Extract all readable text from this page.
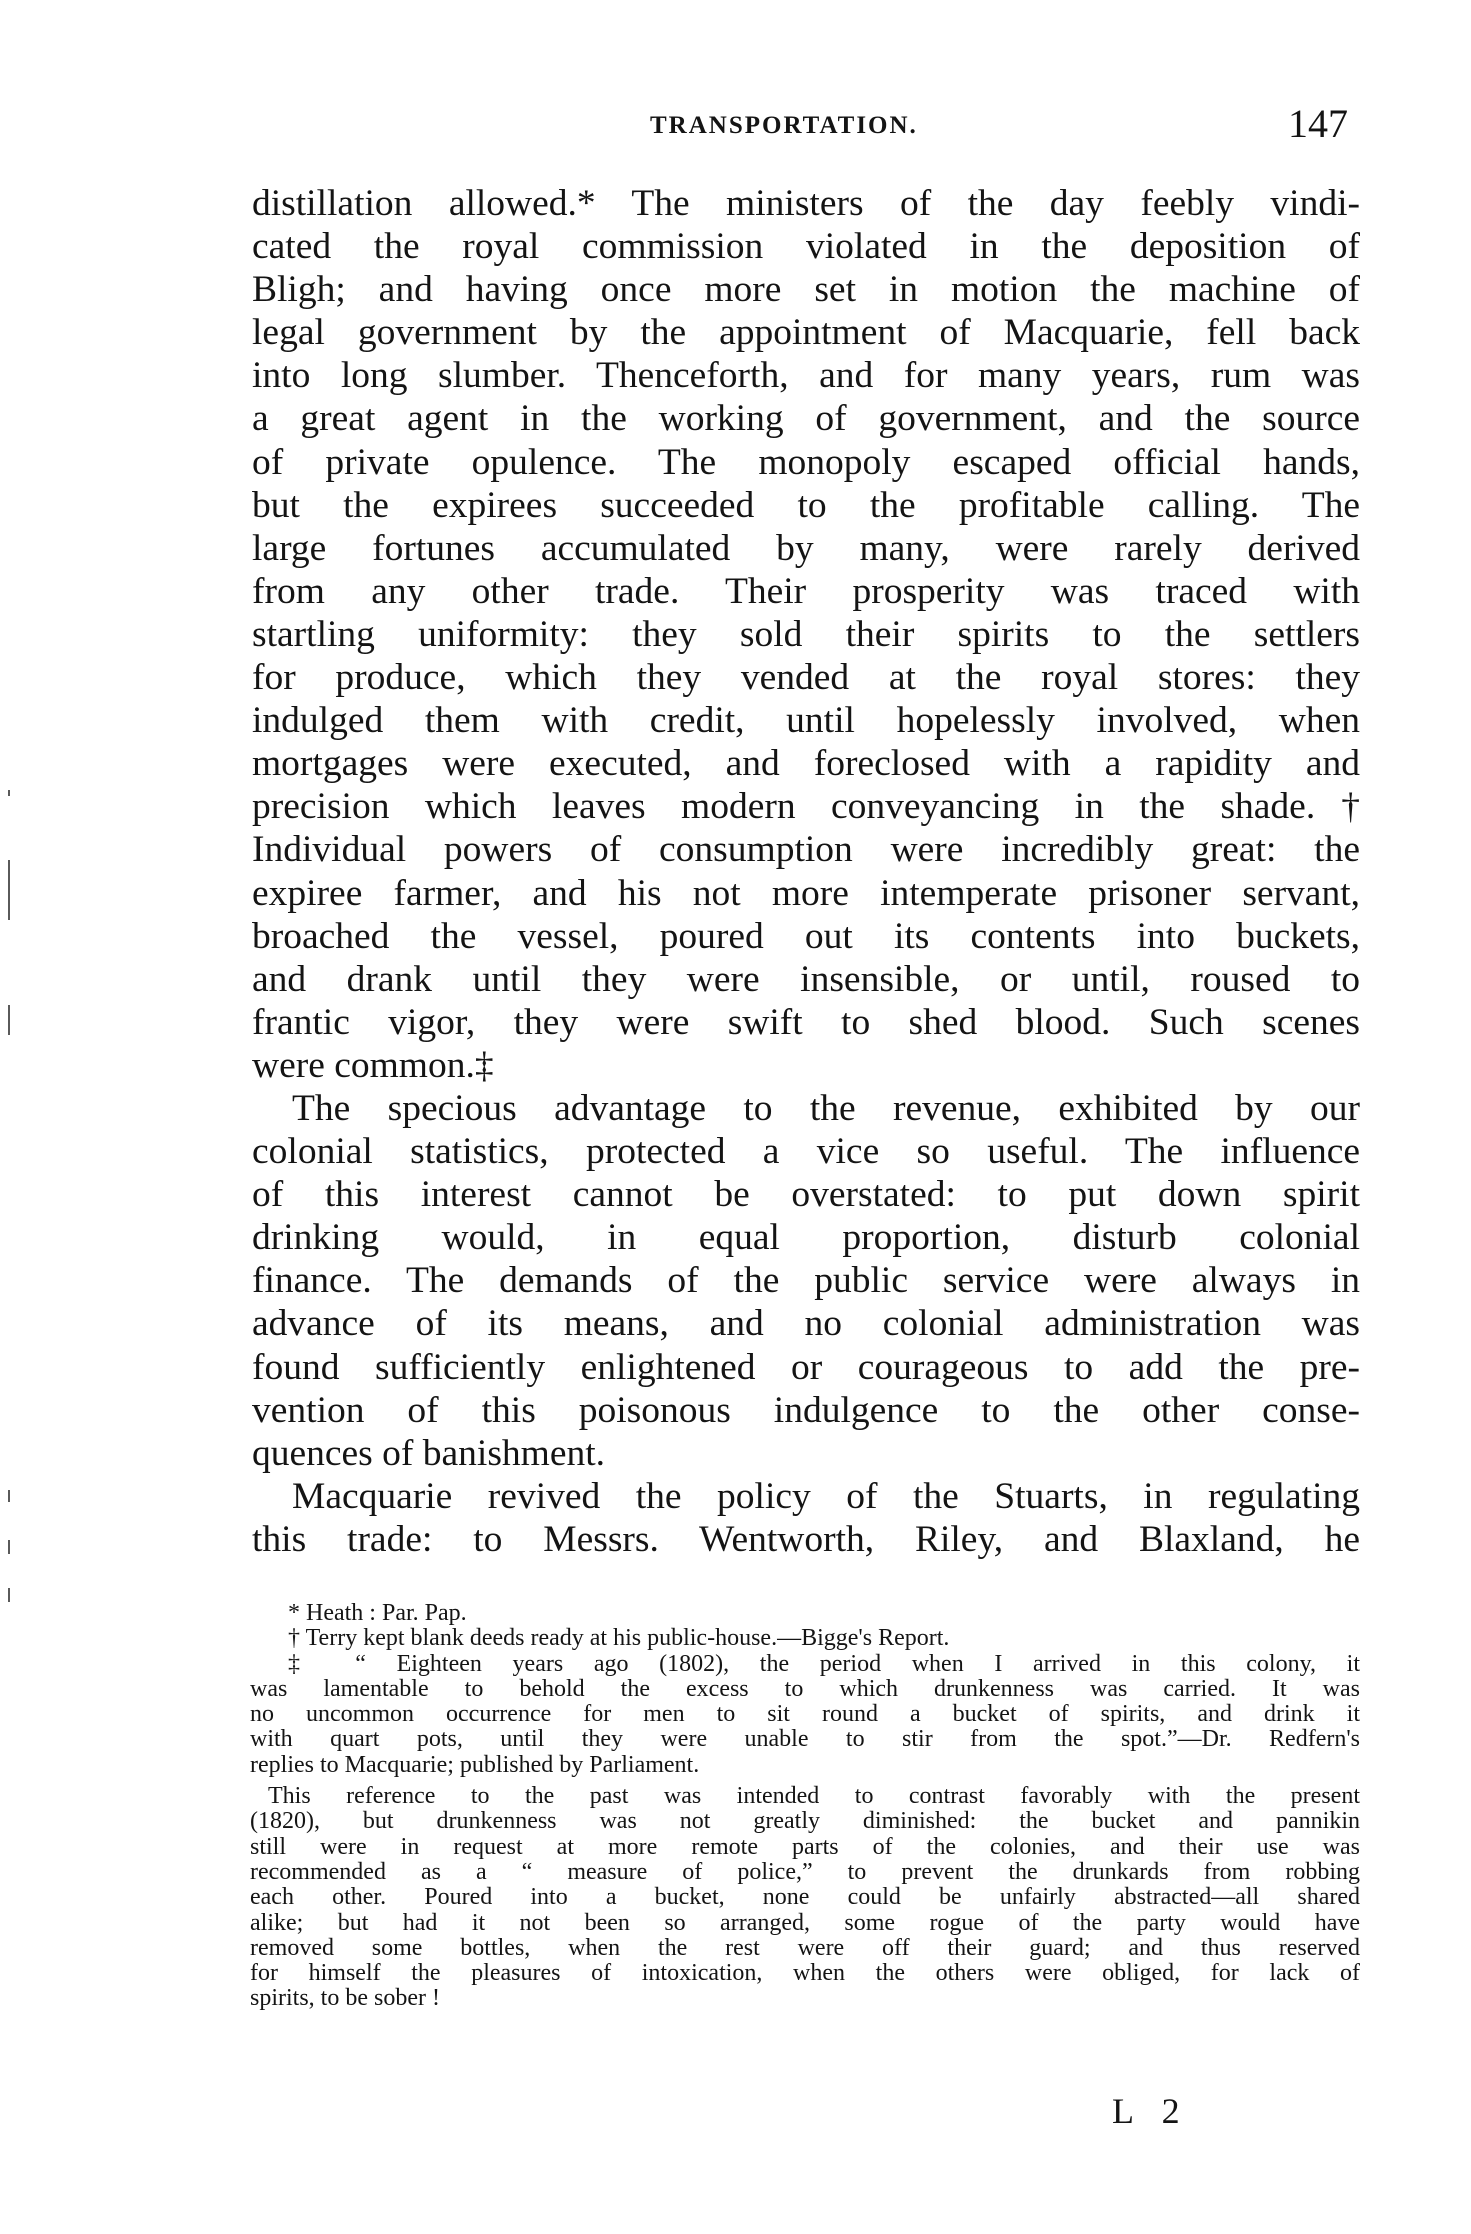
TRANSPORTATION.	147
distillation allowed.* The ministers of the day feebly vindi-
cated the royal commission violated in the deposition of
Bligh; and having once more set in motion the machine of
legal government by the appointment of Macquarie, fell back
into long slumber. Thenceforth, and for many years, rum was
a great agent in the working of government, and the source
of private opulence. The monopoly escaped official hands,
but the expirees succeeded to the profitable calling. The
large fortunes accumulated by many, were rarely derived
from any other trade. Their prosperity was traced with
startling uniformity: they sold their spirits to the settlers
for produce, which they vended at the royal stores: they
indulged them with credit, until hopelessly involved, when
mortgages were executed, and foreclosed with a rapidity and
precision which leaves modern conveyancing in the shade.†
Individual powers of consumption were incredibly great: the
expiree farmer, and his not more intemperate prisoner servant,
broached the vessel, poured out its contents into buckets,
and drank until they were insensible, or until, roused to
frantic vigor, they were swift to shed blood. Such scenes
were common.‡
The specious advantage to the revenue, exhibited by our
colonial statistics, protected a vice so useful. The influence
of this interest cannot be overstated: to put down spirit
drinking would, in equal proportion, disturb colonial
finance. The demands of the public service were always in
advance of its means, and no colonial administration was
found sufficiently enlightened or courageous to add the pre-
vention of this poisonous indulgence to the other conse-
quences of banishment.
Macquarie revived the policy of the Stuarts, in regulating
this trade: to Messrs. Wentworth, Riley, and Blaxland, he
* Heath : Par. Pap.
† Terry kept blank deeds ready at his public-house.—Bigge's Report.
‡ “ Eighteen years ago (1802), the period when I arrived in this colony, it
was lamentable to behold the excess to which drunkenness was carried. It was
no uncommon occurrence for men to sit round a bucket of spirits, and drink it
with quart pots, until they were unable to stir from the spot.”—Dr. Redfern's
replies to Macquarie; published by Parliament.
This reference to the past was intended to contrast favorably with the present
(1820), but drunkenness was not greatly diminished: the bucket and pannikin
still were in request at more remote parts of the colonies, and their use was
recommended as a “ measure of police,” to prevent the drunkards from robbing
each other. Poured into a bucket, none could be unfairly abstracted—all shared
alike; but had it not been so arranged, some rogue of the party would have
removed some bottles, when the rest were off their guard; and thus reserved
for himself the pleasures of intoxication, when the others were obliged, for lack of
spirits, to be sober !
L 2
